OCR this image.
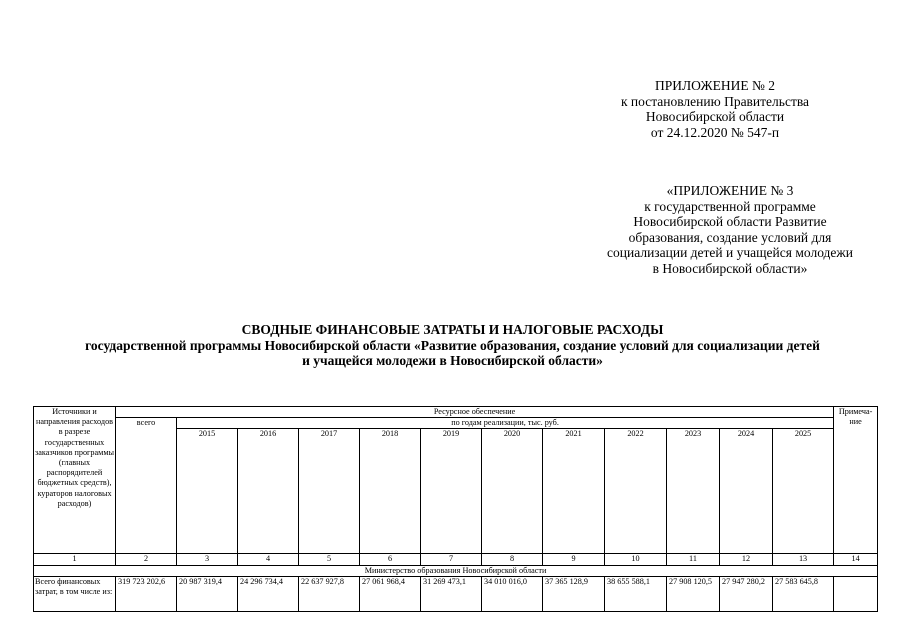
ПРИЛОЖЕНИЕ № 2
к постановлению Правительства
Новосибирской области
от 24.12.2020 № 547-п
«ПРИЛОЖЕНИЕ № 3
к государственной программе
Новосибирской области Развитие
образования, создание условий для
социализации детей и учащейся молодежи
в Новосибирской области»
СВОДНЫЕ ФИНАНСОВЫЕ ЗАТРАТЫ И НАЛОГОВЫЕ РАСХОДЫ
государственной программы Новосибирской области «Развитие образования, создание условий для социализации детей
и учащейся молодежи в Новосибирской области»
Источники и направления расходов в разрезе государственных заказчиков программы (главных распорядителей бюджетных средств), кураторов налоговых расходов)	Ресурсное обеспечение												Примеча-ние
	всего	по годам реализации, тыс. руб.											
		2015	2016	2017	2018	2019	2020	2021	2022	2023	2024	2025	
1	2	3	4	5	6	7	8	9	10	11	12	13	14
Министерство образования Новосибирской области													
Всего финансовых затрат, в том числе из:	319 723 202,6	20 987 319,4	24 296 734,4	22 637 927,8	27 061 968,4	31 269 473,1	34 010 016,0	37 365 128,9	38 655 588,1	27 908 120,5	27 947 280,2	27 583 645,8	
